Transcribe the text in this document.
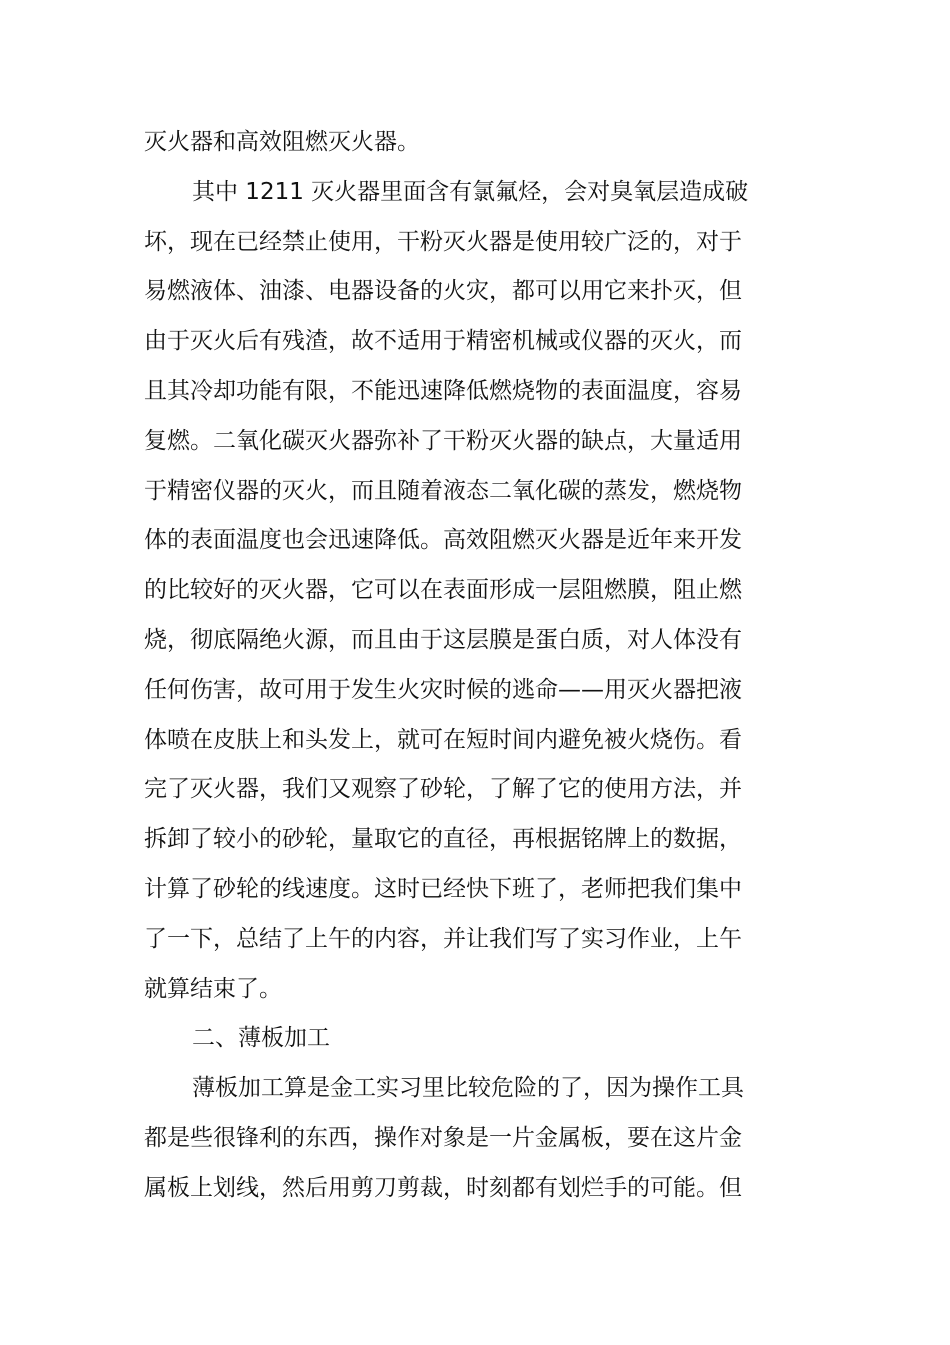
灭火器和高效阻燃灭火器。
其中 1211 灭火器里面含有氯氟烃，会对臭氧层造成破
坏，现在已经禁止使用，干粉灭火器是使用较广泛的，对于
易燃液体、油漆、电器设备的火灾，都可以用它来扑灭，但
由于灭火后有残渣，故不适用于精密机械或仪器的灭火，而
且其冷却功能有限，不能迅速降低燃烧物的表面温度，容易
复燃。二氧化碳灭火器弥补了干粉灭火器的缺点，大量适用
于精密仪器的灭火，而且随着液态二氧化碳的蒸发，燃烧物
体的表面温度也会迅速降低。高效阻燃灭火器是近年来开发
的比较好的灭火器，它可以在表面形成一层阻燃膜，阻止燃
烧，彻底隔绝火源，而且由于这层膜是蛋白质，对人体没有
任何伤害，故可用于发生火灾时候的逃命——用灭火器把液
体喷在皮肤上和头发上，就可在短时间内避免被火烧伤。看
完了灭火器，我们又观察了砂轮，了解了它的使用方法，并
拆卸了较小的砂轮，量取它的直径，再根据铭牌上的数据，
计算了砂轮的线速度。这时已经快下班了，老师把我们集中
了一下，总结了上午的内容，并让我们写了实习作业，上午
就算结束了。
二、薄板加工
薄板加工算是金工实习里比较危险的了，因为操作工具
都是些很锋利的东西，操作对象是一片金属板，要在这片金
属板上划线，然后用剪刀剪裁，时刻都有划烂手的可能。但
